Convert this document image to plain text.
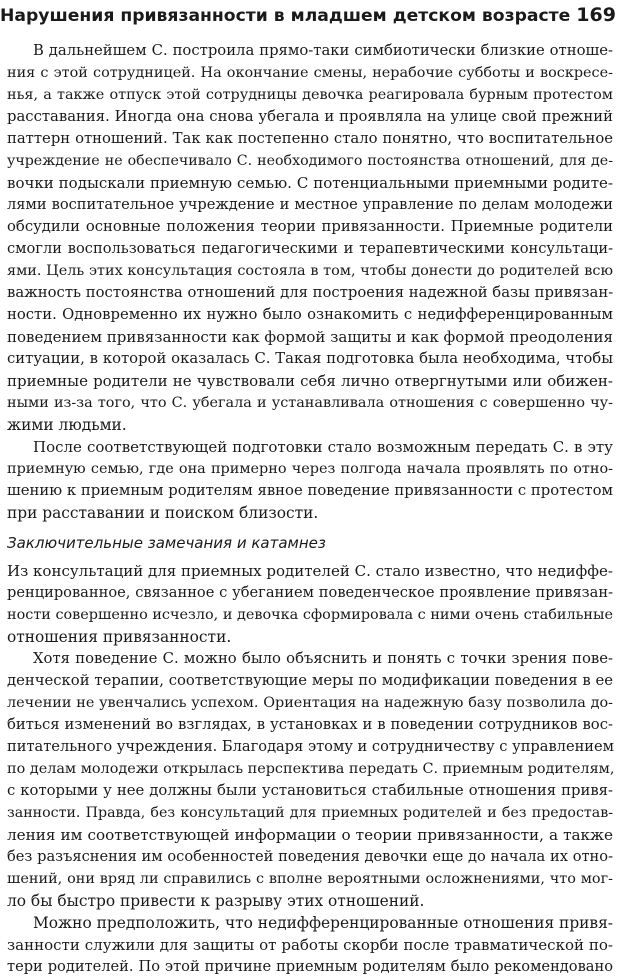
Нарушения привязанности в младшем детском возрасте 169
В дальнейшем С. построила прямо-таки симбиотически близкие отноше-
ния с этой сотрудницей. На окончание смены, нерабочие субботы и воскресе-
нья, а также отпуск этой сотрудницы девочка реагировала бурным протестом
расставания. Иногда она снова убегала и проявляла на улице свой прежний
паттерн отношений. Так как постепенно стало понятно, что воспитательное
учреждение не обеспечивало С. необходимого постоянства отношений, для де-
вочки подыскали приемную семью. С потенциальными приемными родите-
лями воспитательное учреждение и местное управление по делам молодежи
обсудили основные положения теории привязанности. Приемные родители
смогли воспользоваться педагогическими и терапевтическими консультаци-
ями. Цель этих консультация состояла в том, чтобы донести до родителей всю
важность постоянства отношений для построения надежной базы привязан-
ности. Одновременно их нужно было ознакомить с недифференцированным
поведением привязанности как формой защиты и как формой преодоления
ситуации, в которой оказалась С. Такая подготовка была необходима, чтобы
приемные родители не чувствовали себя лично отвергнутыми или обижен-
ными из-за того, что С. убегала и устанавливала отношения с совершенно чу-
жими людьми.
После соответствующей подготовки стало возможным передать С. в эту
приемную семью, где она примерно через полгода начала проявлять по отно-
шению к приемным родителям явное поведение привязанности с протестом
при расставании и поиском близости.
Заключительные замечания и катамнез
Из консультаций для приемных родителей С. стало известно, что недиффе-
ренцированное, связанное с убеганием поведенческое проявление привязан-
ности совершенно исчезло, и девочка сформировала с ними очень стабильные
отношения привязанности.
Хотя поведение С. можно было объяснить и понять с точки зрения пове-
денческой терапии, соответствующие меры по модификации поведения в ее
лечении не увенчались успехом. Ориентация на надежную базу позволила до-
биться изменений во взглядах, в установках и в поведении сотрудников вос-
питательного учреждения. Благодаря этому и сотрудничеству с управлением
по делам молодежи открылась перспектива передать С. приемным родителям,
с которыми у нее должны были установиться стабильные отношения привя-
занности. Правда, без консультаций для приемных родителей и без предостав-
ления им соответствующей информации о теории привязанности, а также
без разъяснения им особенностей поведения девочки еще до начала их отно-
шений, они вряд ли справились с вполне вероятными осложнениями, что мог-
ло бы быстро привести к разрыву этих отношений.
Можно предположить, что недифференцированные отношения привя-
занности служили для защиты от работы скорби после травматической по-
тери родителей. По этой причине приемным родителям было рекомендовано
